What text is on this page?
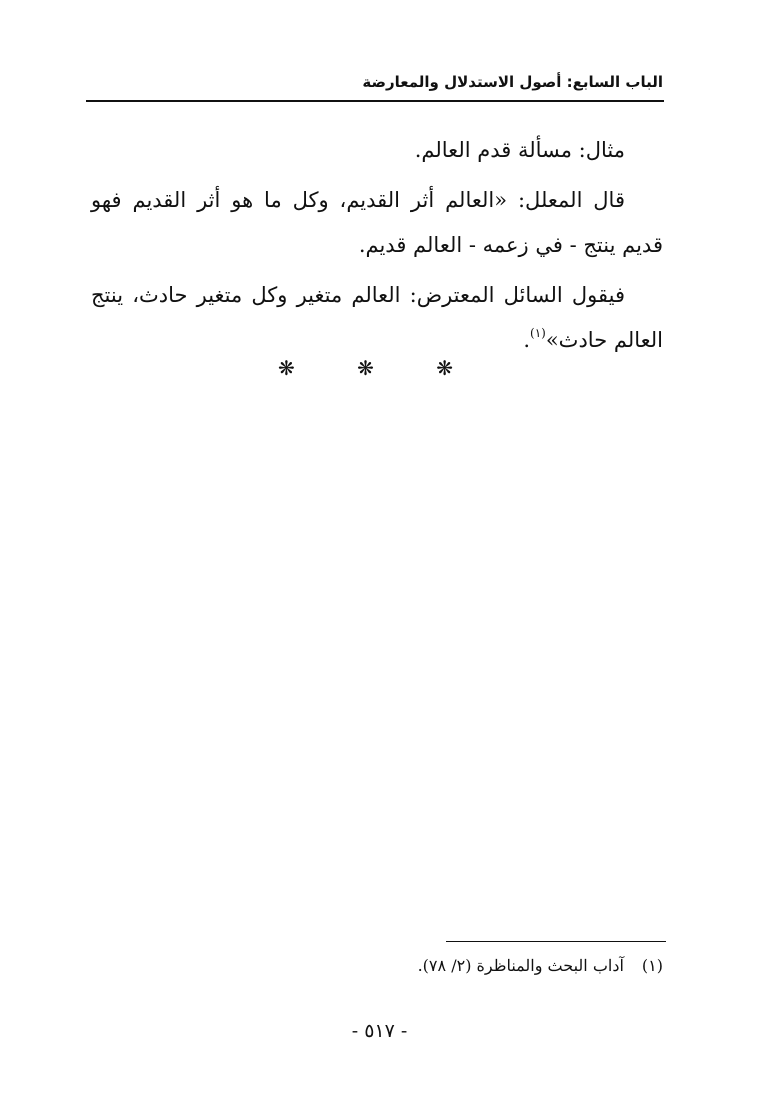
الباب السابع: أصول الاستدلال والمعارضة

مثال: مسألة قدم العالم.

قال المعلل: «العالم أثر القديم، وكل ما هو أثر القديم فهو قديم ينتج - في زعمه - العالم قديم.

فيقول السائل المعترض: العالم متغير وكل متغير حادث، ينتج العالم حادث»$^{(١)}$.

❋ ❋ ❋
(١)آداب البحث والمناظرة (٢/ ٧٨).
- ٥١٧ -
